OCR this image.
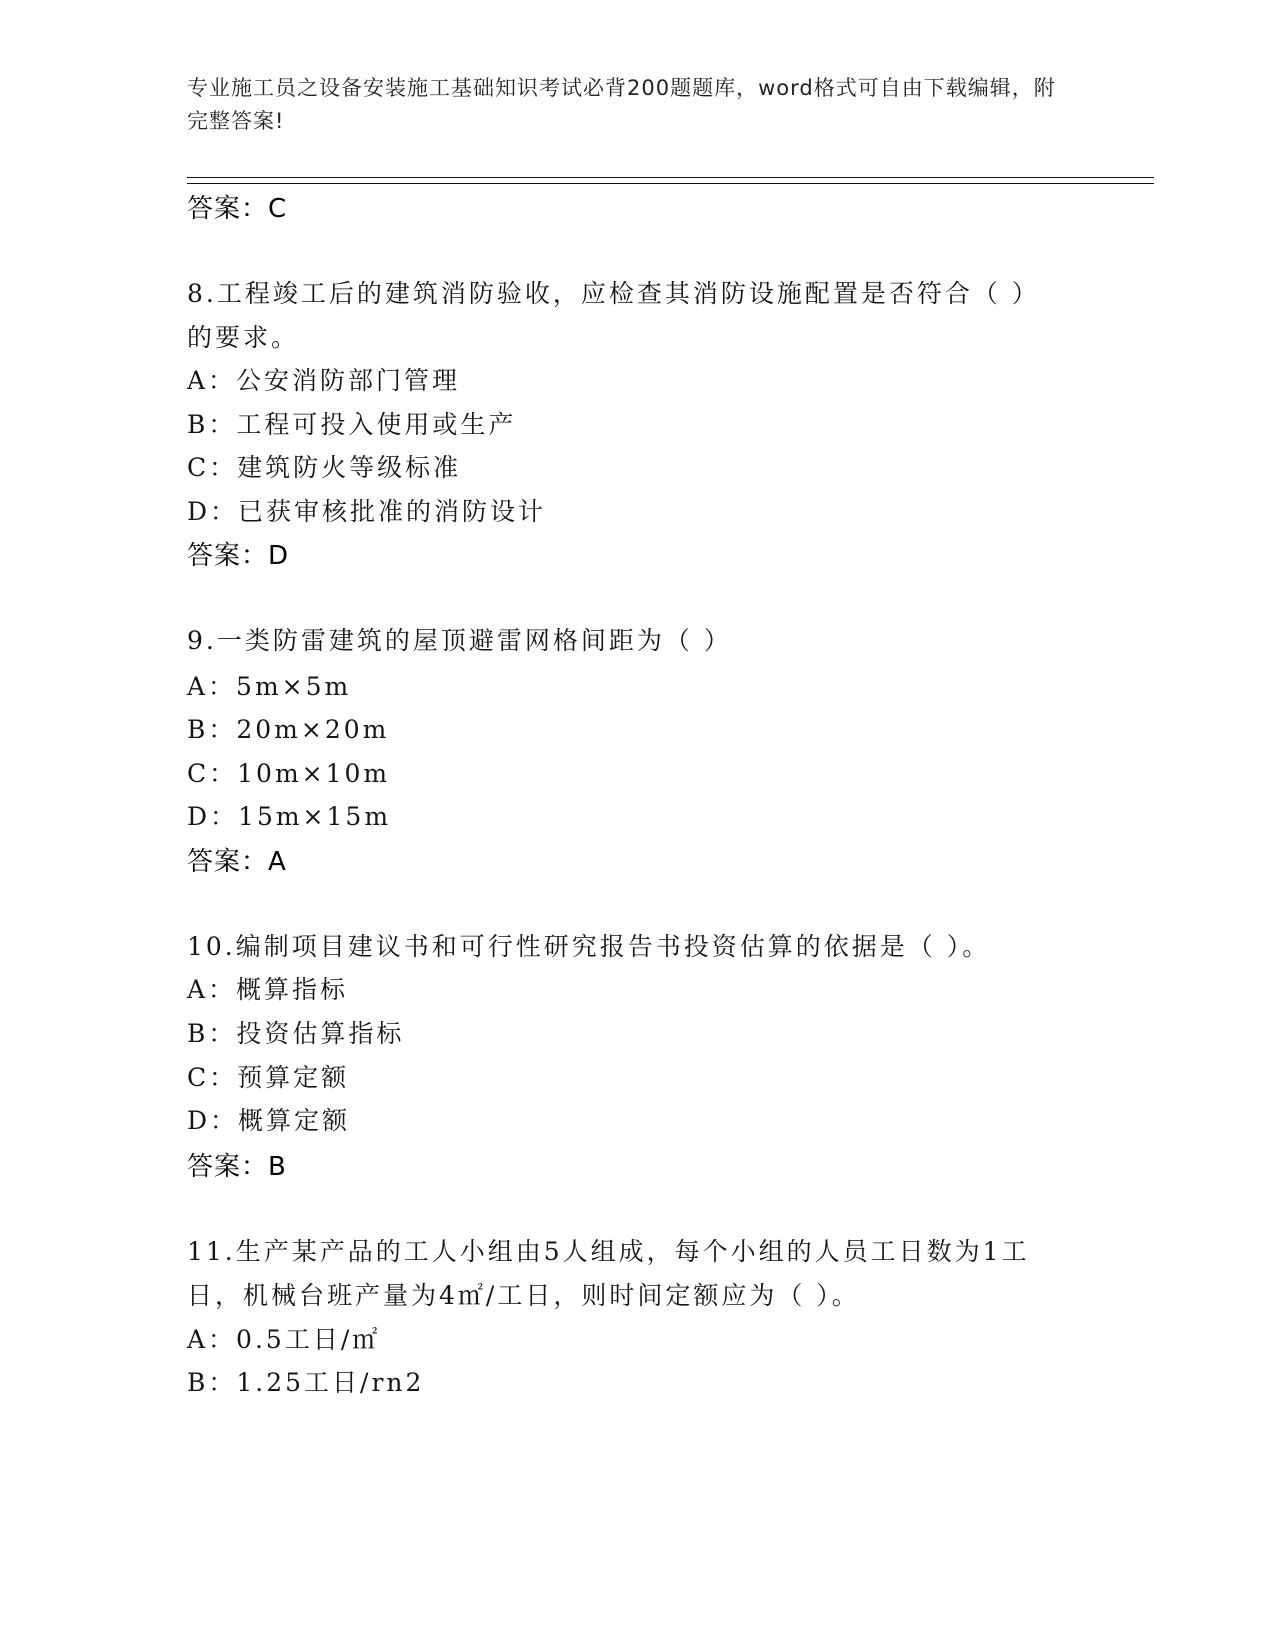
专业施工员之设备安装施工基础知识考试必背200题题库，word格式可自由下载编辑，附完整答案!
答案：C
8.工程竣工后的建筑消防验收，应检查其消防设施配置是否符合（ ）
的要求。
A：公安消防部门管理
B：工程可投入使用或生产
C：建筑防火等级标准
D：已获审核批准的消防设计
答案：D
9.一类防雷建筑的屋顶避雷网格间距为（ ）
A：5m×5m
B：20m×20m
C：10m×10m
D：15m×15m
答案：A
10.编制项目建议书和可行性研究报告书投资估算的依据是（ ）。
A：概算指标
B：投资估算指标
C：预算定额
D：概算定额
答案：B
11.生产某产品的工人小组由5人组成，每个小组的人员工日数为1工
日，机械台班产量为4㎡/工日，则时间定额应为（ ）。
A：0.5工日/㎡
B：1.25工日/rn2
